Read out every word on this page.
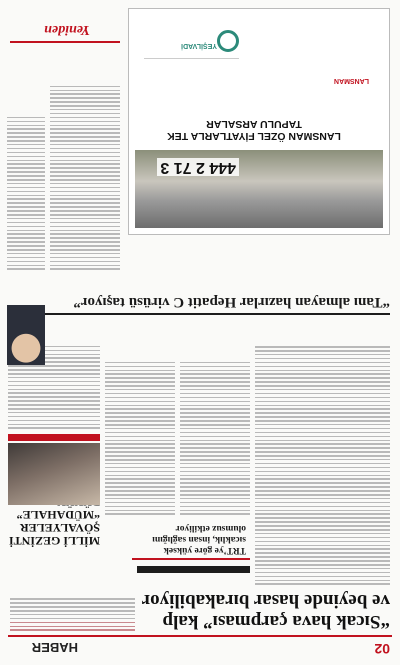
02
HABER
“Sıcak hava çarpması” kalp ve beyinde hasar bırakabiliyor
TRT’ye göre yüksek sıcaklık, insan sağlığını olumsuz etkiliyor
MİLLİ GEZİNTİ ŞÖVALYELER “MÜDAHALE”
“Tanı almayan hazırlar Hepatit C virüsü taşıyor”
444 2 71 3
LANSMAN ÖZEL FİYATLARLA TEK TAPULU ARSALAR
LANSMAN
YEŞİLVADİ
Yeniden
